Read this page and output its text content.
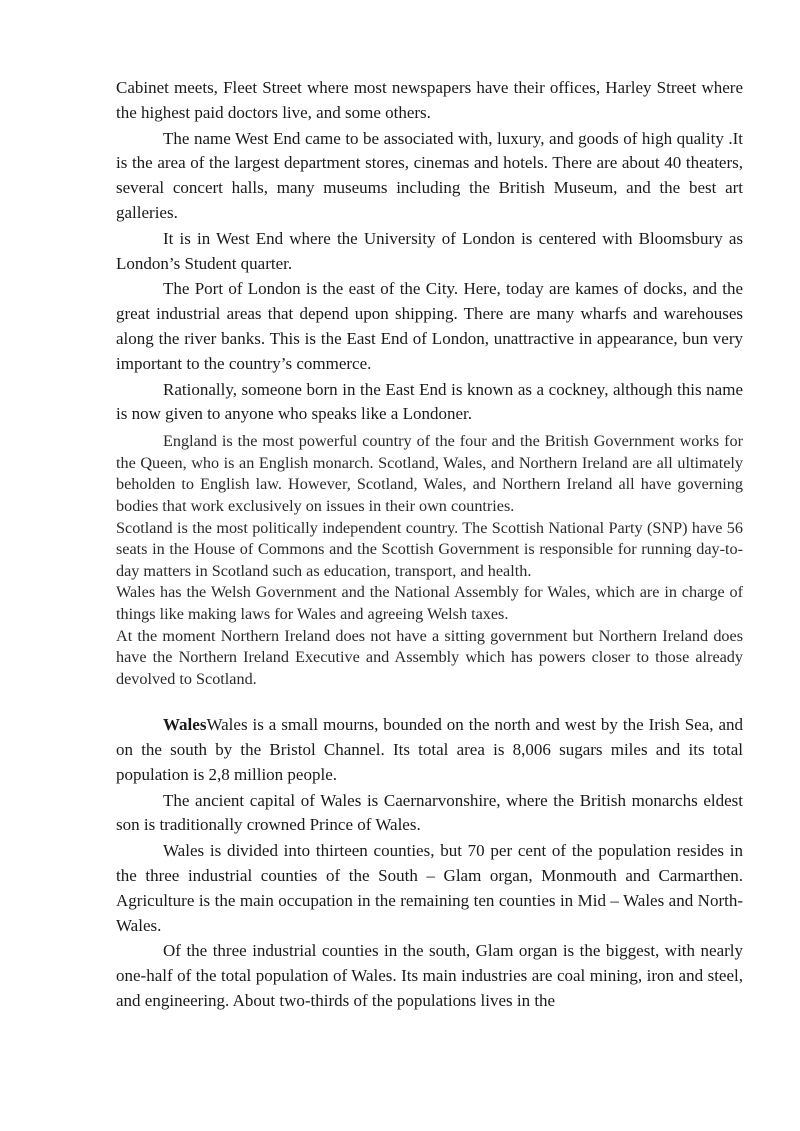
Cabinet meets, Fleet Street where most newspapers have their offices, Harley Street where the highest paid doctors live, and some others.

The name West End came to be associated with, luxury, and goods of high quality .It is the area of the largest department stores, cinemas and hotels. There are about 40 theaters, several concert halls, many museums including the British Museum, and the best art galleries.

It is in West End where the University of London is centered with Bloomsbury as London’s Student quarter.

The Port of London is the east of the City. Here, today are kames of docks, and the great industrial areas that depend upon shipping. There are many wharfs and warehouses along the river banks. This is the East End of London, unattractive in appearance, bun very important to the country’s commerce.

Rationally, someone born in the East End is known as a cockney, although this name is now given to anyone who speaks like a Londoner.

England is the most powerful country of the four and the British Government works for the Queen, who is an English monarch. Scotland, Wales, and Northern Ireland are all ultimately beholden to English law. However, Scotland, Wales, and Northern Ireland all have governing bodies that work exclusively on issues in their own countries.

Scotland is the most politically independent country. The Scottish National Party (SNP) have 56 seats in the House of Commons and the Scottish Government is responsible for running day-to-day matters in Scotland such as education, transport, and health.

Wales has the Welsh Government and the National Assembly for Wales, which are in charge of things like making laws for Wales and agreeing Welsh taxes.

At the moment Northern Ireland does not have a sitting government but Northern Ireland does have the Northern Ireland Executive and Assembly which has powers closer to those already devolved to Scotland.

WalesWales is a small mourns, bounded on the north and west by the Irish Sea, and on the south by the Bristol Channel. Its total area is 8,006 sugars miles and its total population is 2,8 million people.

The ancient capital of Wales is Caernarvonshire, where the British monarchs eldest son is traditionally crowned Prince of Wales.

Wales is divided into thirteen counties, but 70 per cent of the population resides in the three industrial counties of the South – Glam organ, Monmouth and Carmarthen. Agriculture is the main occupation in the remaining ten counties in Mid – Wales and North-Wales.

Of the three industrial counties in the south, Glam organ is the biggest, with nearly one-half of the total population of Wales. Its main industries are coal mining, iron and steel, and engineering. About two-thirds of the populations lives in the
